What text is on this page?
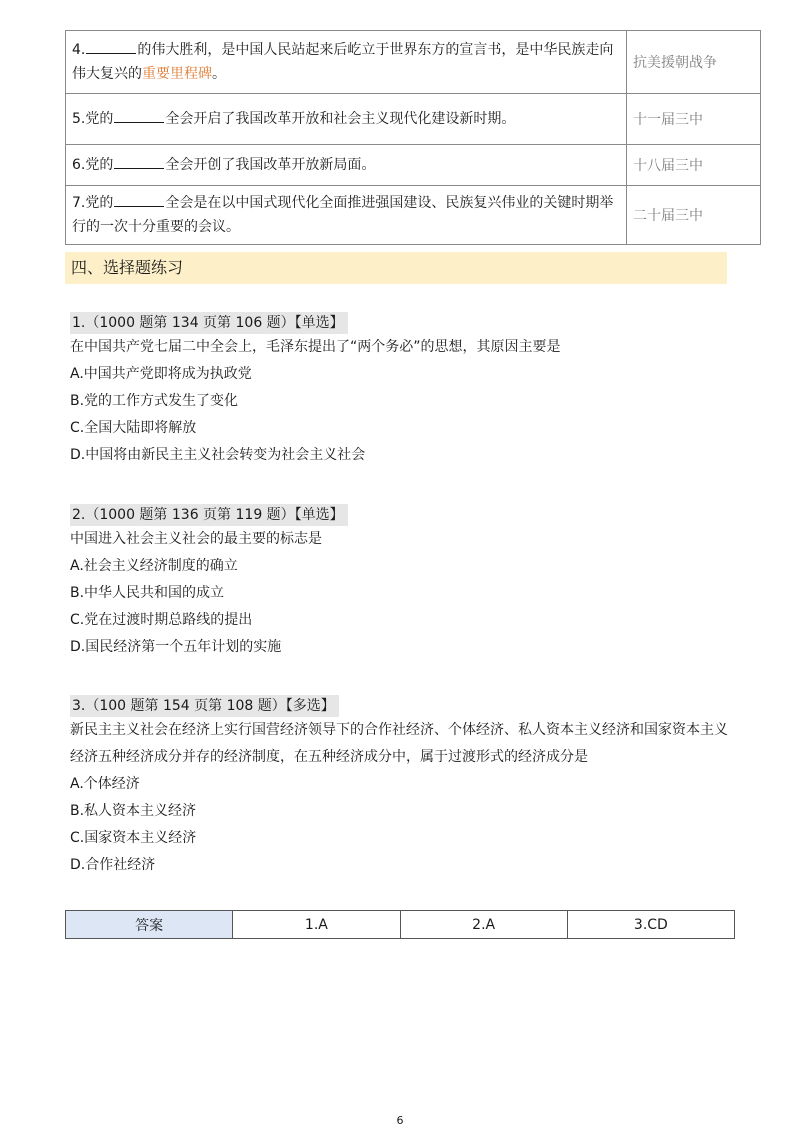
4. 的伟大胜利，是中国人民站起来后屹立于世界东方的宣言书，是中华民族走向伟大复兴的重要里程碑。	抗美援朝战争
5.党的 全会开启了我国改革开放和社会主义现代化建设新时期。	十一届三中
6.党的 全会开创了我国改革开放新局面。	十八届三中
7.党的 全会是在以中国式现代化全面推进强国建设、民族复兴伟业的关键时期举行的一次十分重要的会议。	二十届三中
四、选择题练习
1.（1000 题第 134 页第 106 题）【单选】

在中国共产党七届二中全会上，毛泽东提出了“两个务必”的思想，其原因主要是

A.中国共产党即将成为执政党

B.党的工作方式发生了变化

C.全国大陆即将解放

D.中国将由新民主主义社会转变为社会主义社会

2.（1000 题第 136 页第 119 题）【单选】

中国进入社会主义社会的最主要的标志是

A.社会主义经济制度的确立

B.中华人民共和国的成立

C.党在过渡时期总路线的提出

D.国民经济第一个五年计划的实施

3.（100 题第 154 页第 108 题）【多选】

新民主主义社会在经济上实行国营经济领导下的合作社经济、个体经济、私人资本主义经济和国家资本主义经济五种经济成分并存的经济制度，在五种经济成分中，属于过渡形式的经济成分是

A.个体经济

B.私人资本主义经济

C.国家资本主义经济

D.合作社经济

答案	1.A	2.A	3.CD
6
